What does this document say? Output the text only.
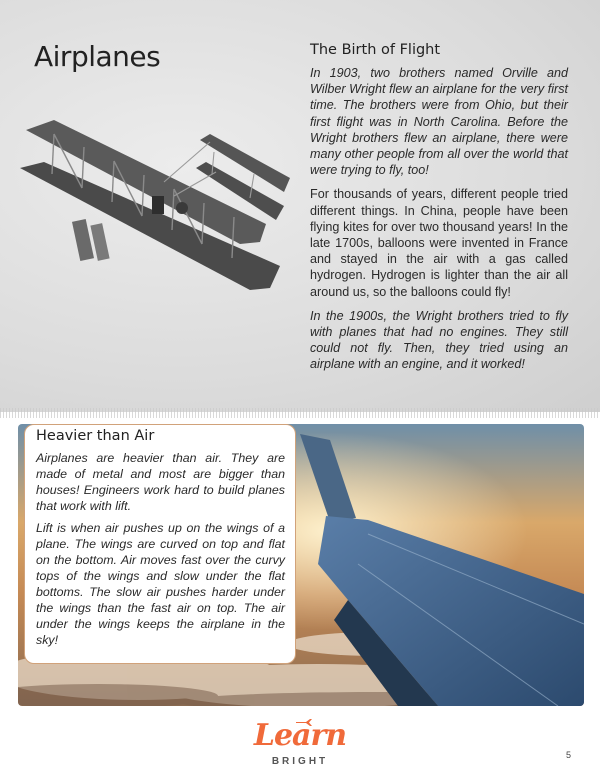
Airplanes	The Birth of Flight

In 1903, two brothers named Orville and Wilber Wright flew an airplane for the very first time. The brothers were from Ohio, but their first flight was in North Carolina. Before the Wright brothers flew an airplane, there were many other people from all over the world that were trying to fly, too!

For thousands of years, different people tried different things. In China, people have been flying kites for over two thousand years! In the late 1700s, balloons were invented in France and stayed in the air with a gas called hydrogen. Hydrogen is lighter than the air all around us, so the balloons could fly!

In the 1900s, the Wright brothers tried to fly with planes that had no engines. They still could not fly. Then, they tried using an airplane with an engine, and it worked!

Heavier than Air

Airplanes are heavier than air. They are made of metal and most are bigger than houses! Engineers work hard to build planes that work with lift.

Lift is when air pushes up on the wings of a plane. The wings are curved on top and flat on the bottom. Air moves fast over the curvy tops of the wings and slow under the flat bottoms. The slow air pushes harder under the wings than the fast air on top. The air under the wings keeps the airplane in the sky!

Learn
BRIGHT
5
